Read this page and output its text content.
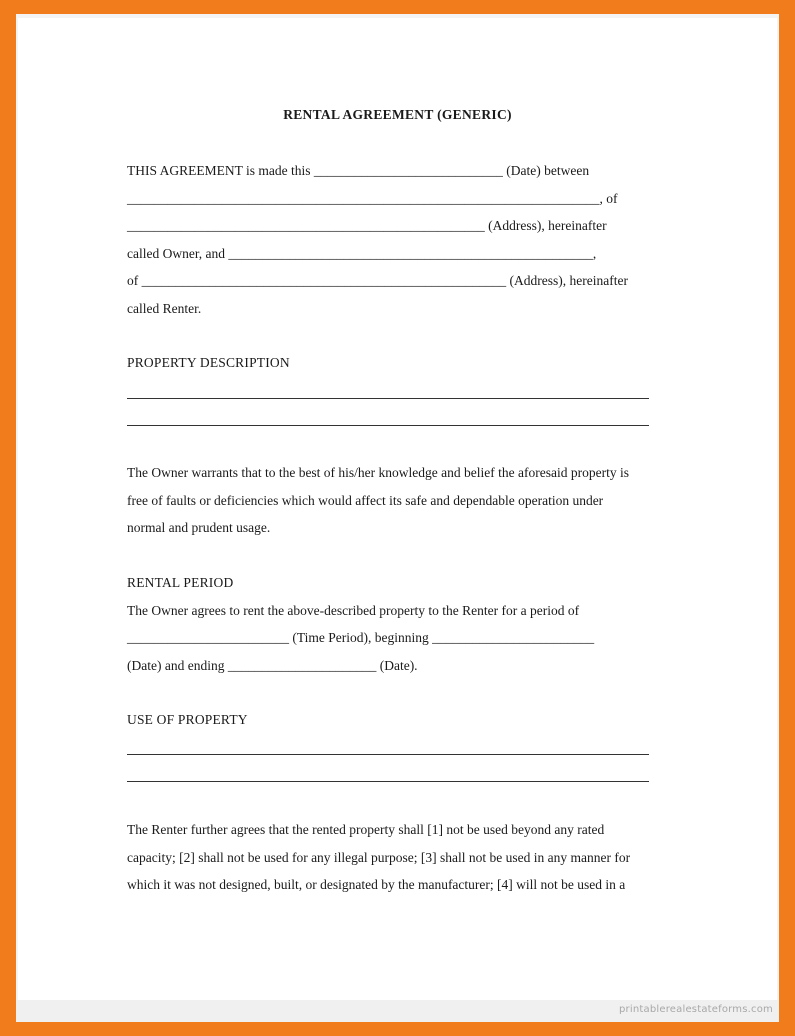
RENTAL AGREEMENT (GENERIC)
THIS AGREEMENT is made this ____________________________ (Date) between
______________________________________________________________________, of
_____________________________________________________ (Address), hereinafter
called Owner, and ______________________________________________________,
of ______________________________________________________ (Address), hereinafter
called Renter.
PROPERTY DESCRIPTION
The Owner warrants that to the best of his/her knowledge and belief the aforesaid property is
free of faults or deficiencies which would affect its safe and dependable operation under
normal and prudent usage.
RENTAL PERIOD
The Owner agrees to rent the above-described property to the Renter for a period of
________________________ (Time Period), beginning ________________________
(Date) and ending ______________________ (Date).
USE OF PROPERTY
The Renter further agrees that the rented property shall [1] not be used beyond any rated
capacity; [2] shall not be used for any illegal purpose; [3] shall not be used in any manner for
which it was not designed, built, or designated by the manufacturer; [4] will not be used in a
printablerealestateforms.com
